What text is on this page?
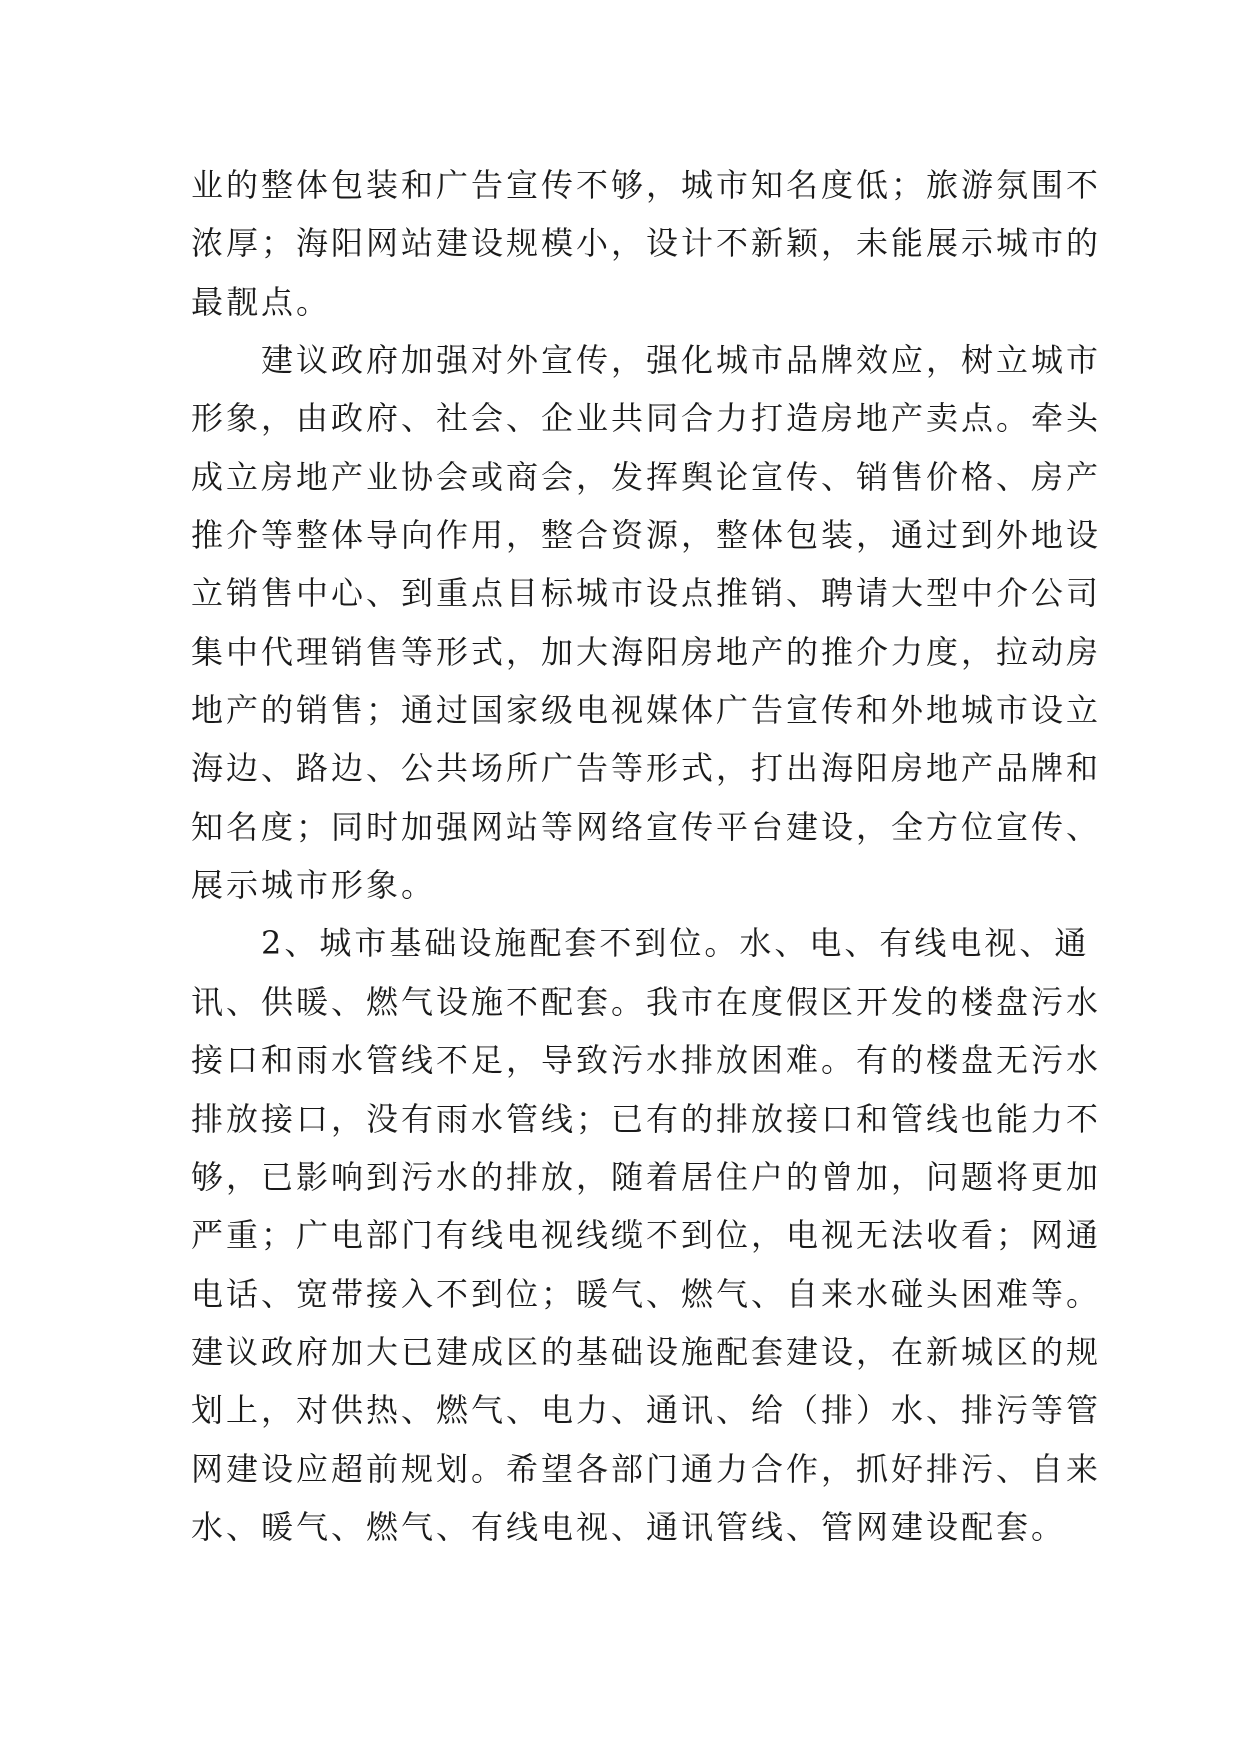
业的整体包装和广告宣传不够，城市知名度低；旅游氛围不
浓厚；海阳网站建设规模小，设计不新颖，未能展示城市的
最靓点。
建议政府加强对外宣传，强化城市品牌效应，树立城市
形象，由政府、社会、企业共同合力打造房地产卖点。牵头
成立房地产业协会或商会，发挥舆论宣传、销售价格、房产
推介等整体导向作用，整合资源，整体包装，通过到外地设
立销售中心、到重点目标城市设点推销、聘请大型中介公司
集中代理销售等形式，加大海阳房地产的推介力度，拉动房
地产的销售；通过国家级电视媒体广告宣传和外地城市设立
海边、路边、公共场所广告等形式，打出海阳房地产品牌和
知名度；同时加强网站等网络宣传平台建设，全方位宣传、
展示城市形象。
2、城市基础设施配套不到位。水、电、有线电视、通
讯、供暖、燃气设施不配套。我市在度假区开发的楼盘污水
接口和雨水管线不足，导致污水排放困难。有的楼盘无污水
排放接口，没有雨水管线；已有的排放接口和管线也能力不
够，已影响到污水的排放，随着居住户的曾加，问题将更加
严重；广电部门有线电视线缆不到位，电视无法收看；网通
电话、宽带接入不到位；暖气、燃气、自来水碰头困难等。
建议政府加大已建成区的基础设施配套建设，在新城区的规
划上，对供热、燃气、电力、通讯、给（排）水、排污等管
网建设应超前规划。希望各部门通力合作，抓好排污、自来
水、暖气、燃气、有线电视、通讯管线、管网建设配套。
